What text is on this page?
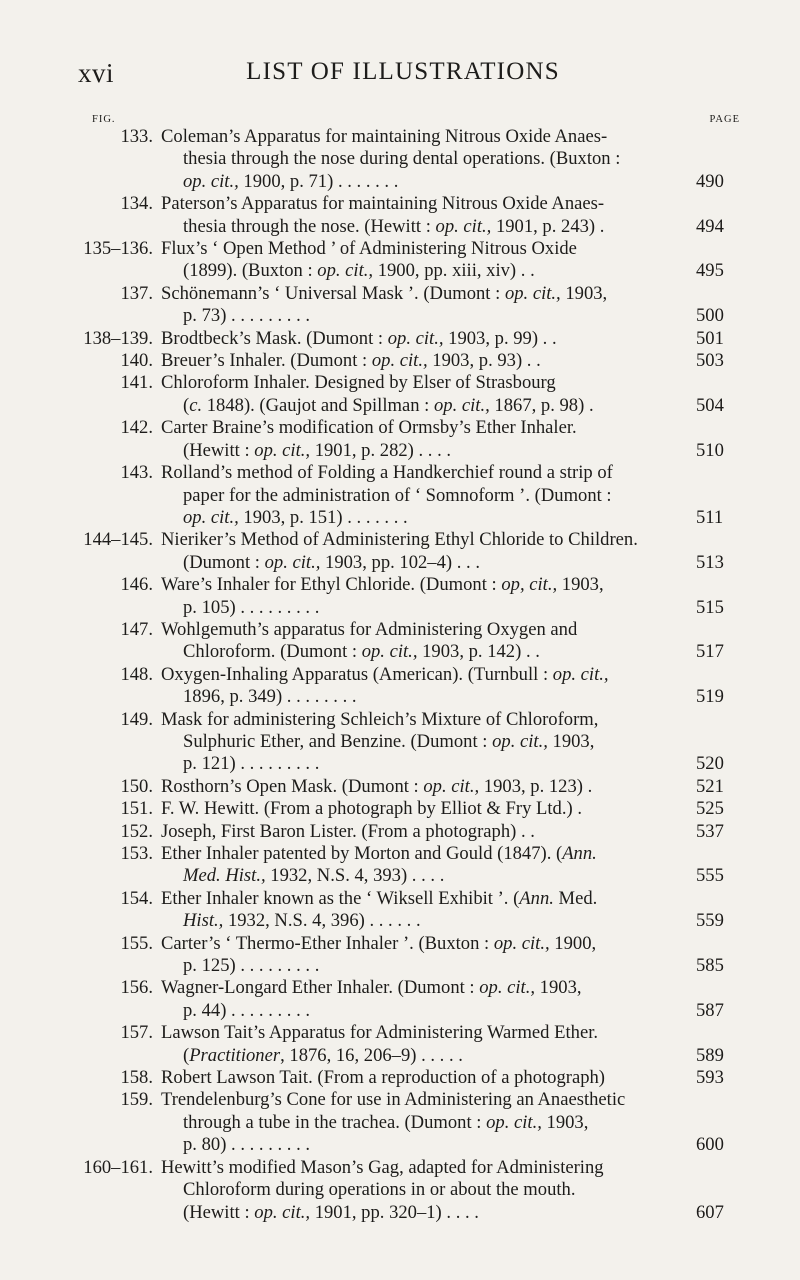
xvi	LIST OF ILLUSTRATIONS
FIG.	PAGE
133. Coleman’s Apparatus for maintaining Nitrous Oxide Anaes-
thesia through the nose during dental operations. (Buxton :
op. cit., 1900, p. 71) . . . . . . .	490
134. Paterson’s Apparatus for maintaining Nitrous Oxide Anaes-
thesia through the nose. (Hewitt : op. cit., 1901, p. 243) .	494
135–136. Flux’s ‘ Open Method ’ of Administering Nitrous Oxide
(1899). (Buxton : op. cit., 1900, pp. xiii, xiv) . .	495
137. Schönemann’s ‘ Universal Mask ’. (Dumont : op. cit., 1903,
p. 73) . . . . . . . . .	500
138–139. Brodtbeck’s Mask. (Dumont : op. cit., 1903, p. 99) . .	501
140. Breuer’s Inhaler. (Dumont : op. cit., 1903, p. 93) . .	503
141. Chloroform Inhaler. Designed by Elser of Strasbourg
(c. 1848). (Gaujot and Spillman : op. cit., 1867, p. 98) .	504
142. Carter Braine’s modification of Ormsby’s Ether Inhaler.
(Hewitt : op. cit., 1901, p. 282) . . . .	510
143. Rolland’s method of Folding a Handkerchief round a strip of
paper for the administration of ‘ Somnoform ’. (Dumont :
op. cit., 1903, p. 151) . . . . . . .	511
144–145. Nieriker’s Method of Administering Ethyl Chloride to Children.
(Dumont : op. cit., 1903, pp. 102–4) . . .	513
146. Ware’s Inhaler for Ethyl Chloride. (Dumont : op, cit., 1903,
p. 105) . . . . . . . . .	515
147. Wohlgemuth’s apparatus for Administering Oxygen and
Chloroform. (Dumont : op. cit., 1903, p. 142) . .	517
148. Oxygen-Inhaling Apparatus (American). (Turnbull : op. cit.,
1896, p. 349) . . . . . . . .	519
149. Mask for administering Schleich’s Mixture of Chloroform,
Sulphuric Ether, and Benzine. (Dumont : op. cit., 1903,
p. 121) . . . . . . . . .	520
150. Rosthorn’s Open Mask. (Dumont : op. cit., 1903, p. 123) .	521
151. F. W. Hewitt. (From a photograph by Elliot & Fry Ltd.) .	525
152. Joseph, First Baron Lister. (From a photograph) . .	537
153. Ether Inhaler patented by Morton and Gould (1847). (Ann.
Med. Hist., 1932, N.S. 4, 393) . . . .	555
154. Ether Inhaler known as the ‘ Wiksell Exhibit ’. (Ann. Med.
Hist., 1932, N.S. 4, 396) . . . . . .	559
155. Carter’s ‘ Thermo-Ether Inhaler ’. (Buxton : op. cit., 1900,
p. 125) . . . . . . . . .	585
156. Wagner-Longard Ether Inhaler. (Dumont : op. cit., 1903,
p. 44) . . . . . . . . .	587
157. Lawson Tait’s Apparatus for Administering Warmed Ether.
(Practitioner, 1876, 16, 206–9) . . . . .	589
158. Robert Lawson Tait. (From a reproduction of a photograph)	593
159. Trendelenburg’s Cone for use in Administering an Anaesthetic
through a tube in the trachea. (Dumont : op. cit., 1903,
p. 80) . . . . . . . . .	600
160–161. Hewitt’s modified Mason’s Gag, adapted for Administering
Chloroform during operations in or about the mouth.
(Hewitt : op. cit., 1901, pp. 320–1) . . . .	607
